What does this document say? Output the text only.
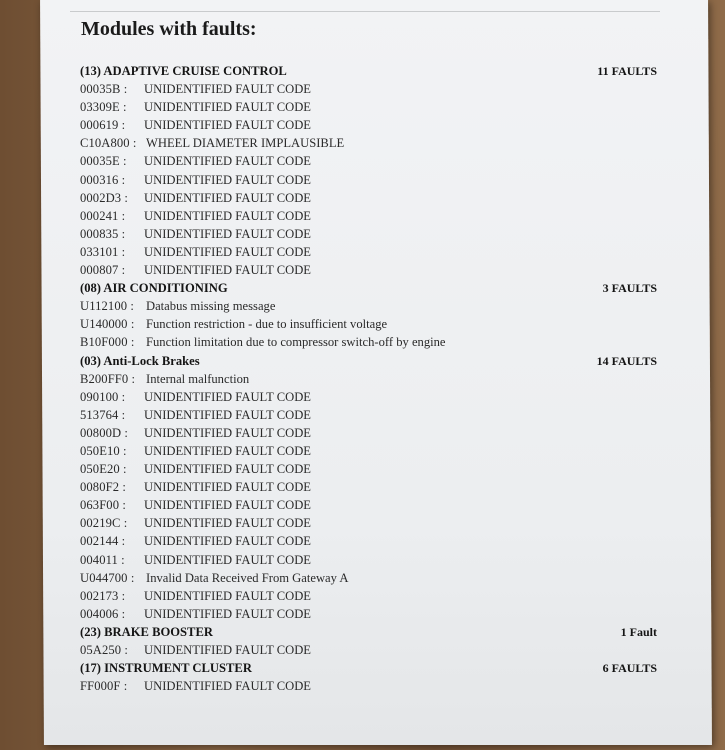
Modules with faults:
(13) ADAPTIVE CRUISE CONTROL	11 FAULTS
00035B : UNIDENTIFIED FAULT CODE
03309E : UNIDENTIFIED FAULT CODE
000619 : UNIDENTIFIED FAULT CODE
C10A800 : WHEEL DIAMETER IMPLAUSIBLE
00035E : UNIDENTIFIED FAULT CODE
000316 : UNIDENTIFIED FAULT CODE
0002D3 : UNIDENTIFIED FAULT CODE
000241 : UNIDENTIFIED FAULT CODE
000835 : UNIDENTIFIED FAULT CODE
033101 : UNIDENTIFIED FAULT CODE
000807 : UNIDENTIFIED FAULT CODE
(08) AIR CONDITIONING	3 FAULTS
U112100 : Databus missing message
U140000 : Function restriction - due to insufficient voltage
B10F000 : Function limitation due to compressor switch-off by engine
(03) Anti-Lock Brakes	14 FAULTS
B200FF0 : Internal malfunction
090100 : UNIDENTIFIED FAULT CODE
513764 : UNIDENTIFIED FAULT CODE
00800D : UNIDENTIFIED FAULT CODE
050E10 : UNIDENTIFIED FAULT CODE
050E20 : UNIDENTIFIED FAULT CODE
0080F2 : UNIDENTIFIED FAULT CODE
063F00 : UNIDENTIFIED FAULT CODE
00219C : UNIDENTIFIED FAULT CODE
002144 : UNIDENTIFIED FAULT CODE
004011 : UNIDENTIFIED FAULT CODE
U044700 : Invalid Data Received From Gateway A
002173 : UNIDENTIFIED FAULT CODE
004006 : UNIDENTIFIED FAULT CODE
(23) BRAKE BOOSTER	1 Fault
05A250 : UNIDENTIFIED FAULT CODE
(17) INSTRUMENT CLUSTER	6 FAULTS
FF000F : UNIDENTIFIED FAULT CODE
